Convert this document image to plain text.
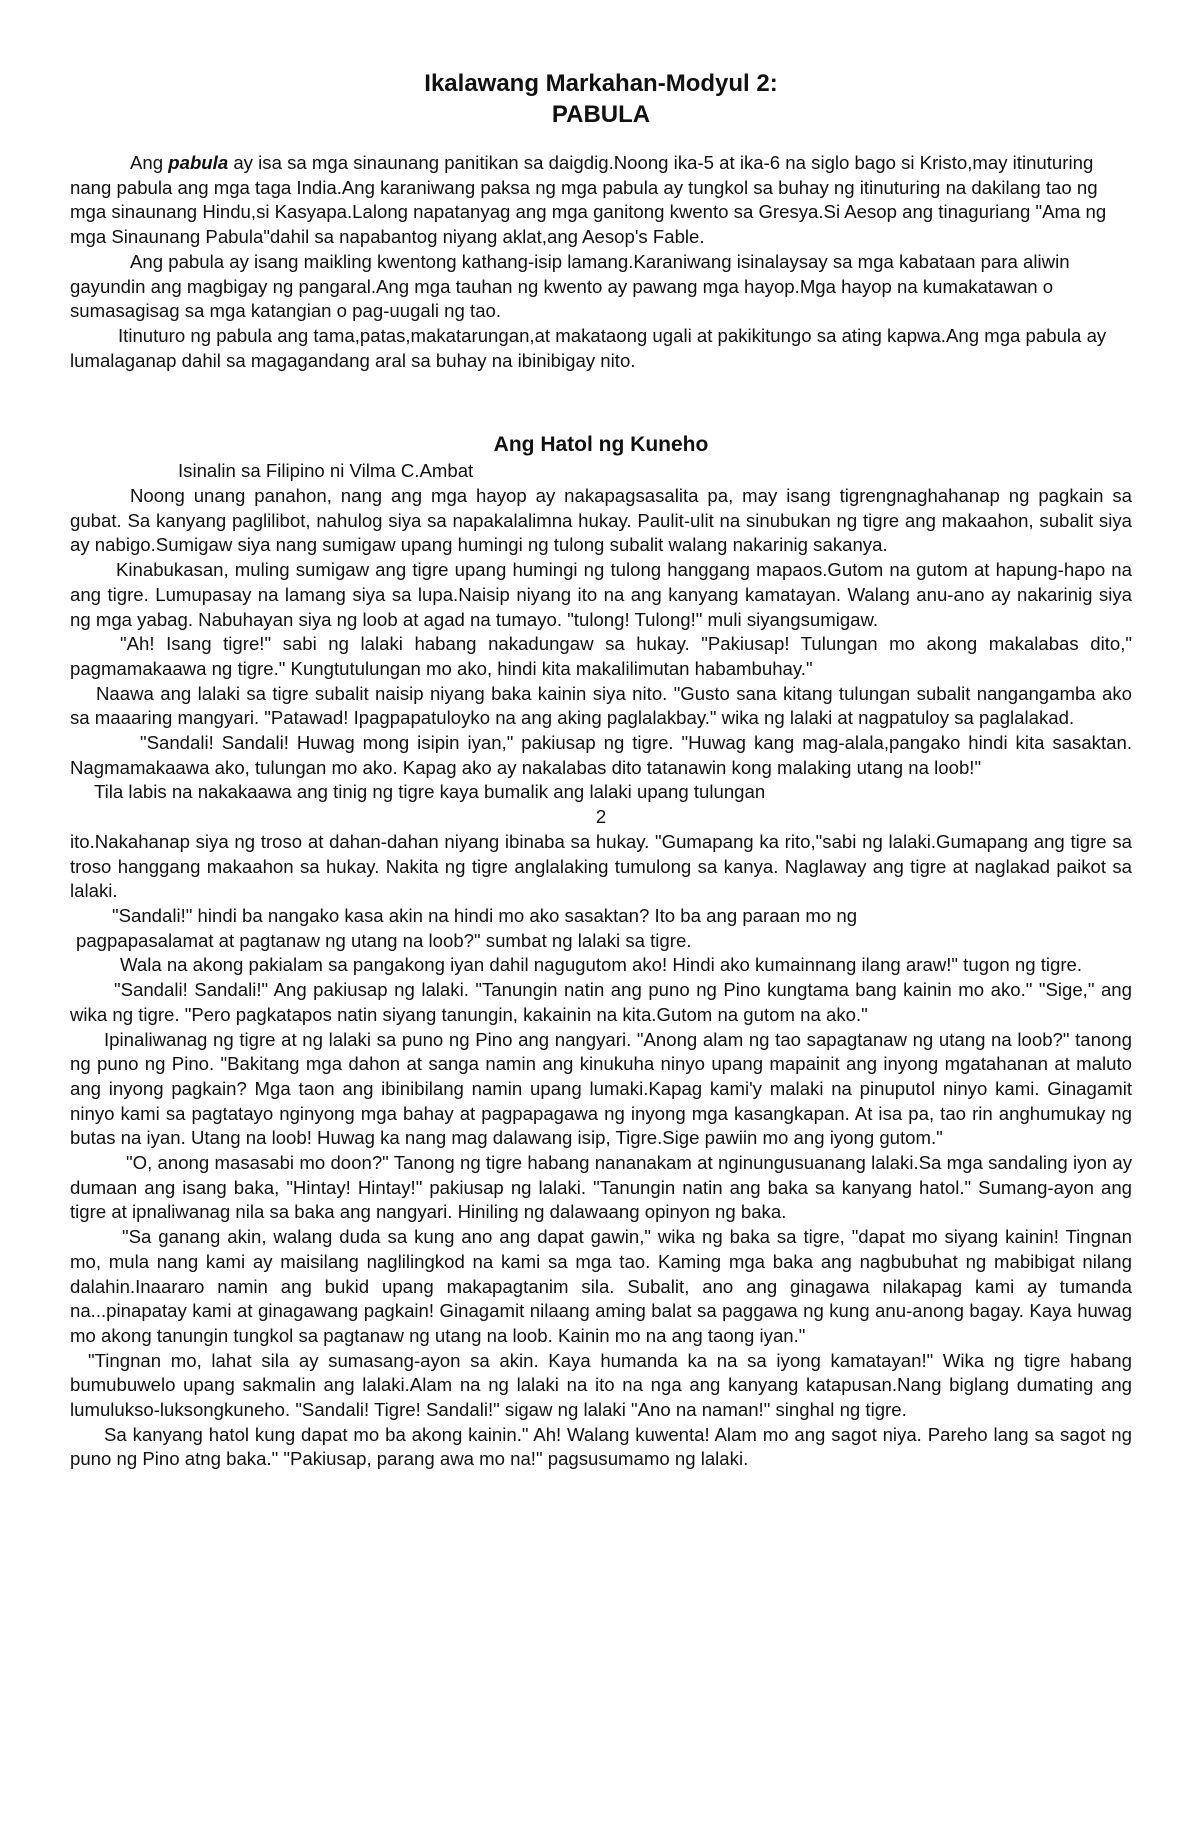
Ikalawang Markahan-Modyul 2:
PABULA

Ang pabula ay isa sa mga sinaunang panitikan sa daigdig.Noong ika-5 at ika-6 na siglo bago si Kristo,may itinuturing nang pabula ang mga taga India.Ang karaniwang paksa ng mga pabula ay tungkol sa buhay ng itinuturing na dakilang tao ng mga sinaunang Hindu,si Kasyapa.Lalong napatanyag ang mga ganitong kwento sa Gresya.Si Aesop ang tinaguriang "Ama ng mga Sinaunang Pabula"dahil sa napabantog niyang aklat,ang Aesop's Fable.

Ang pabula ay isang maikling kwentong kathang-isip lamang.Karaniwang isinalaysay sa mga kabataan para aliwin gayundin ang magbigay ng pangaral.Ang mga tauhan ng kwento ay pawang mga hayop.Mga hayop na kumakatawan o sumasagisag sa mga katangian o pag-uugali ng tao.

Itinuturo ng pabula ang tama,patas,makatarungan,at makataong ugali at pakikitungo sa ating kapwa.Ang mga pabula ay lumalaganap dahil sa magagandang aral sa buhay na ibinibigay nito.

Ang Hatol ng Kuneho

Isinalin sa Filipino ni Vilma C.Ambat

Noong unang panahon, nang ang mga hayop ay nakapagsasalita pa, may isang tigrengnaghahanap ng pagkain sa gubat. Sa kanyang paglilibot, nahulog siya sa napakalalimna hukay. Paulit-ulit na sinubukan ng tigre ang makaahon, subalit siya ay nabigo.Sumigaw siya nang sumigaw upang humingi ng tulong subalit walang nakarinig sakanya.

Kinabukasan, muling sumigaw ang tigre upang humingi ng tulong hanggang mapaos.Gutom na gutom at hapung-hapo na ang tigre. Lumupasay na lamang siya sa lupa.Naisip niyang ito na ang kanyang kamatayan. Walang anu-ano ay nakarinig siya ng mga yabag. Nabuhayan siya ng loob at agad na tumayo. "tulong! Tulong!" muli siyangsumigaw.

"Ah! Isang tigre!" sabi ng lalaki habang nakadungaw sa hukay. "Pakiusap! Tulungan mo akong makalabas dito," pagmamakaawa ng tigre." Kungtutulungan mo ako, hindi kita makalilimutan habambuhay."

Naawa ang lalaki sa tigre subalit naisip niyang baka kainin siya nito. "Gusto sana kitang tulungan subalit nangangamba ako sa maaaring mangyari. "Patawad! Ipagpapatuloyko na ang aking paglalakbay." wika ng lalaki at nagpatuloy sa paglalakad.

"Sandali! Sandali! Huwag mong isipin iyan," pakiusap ng tigre. "Huwag kang mag-alala,pangako hindi kita sasaktan. Nagmamakaawa ako, tulungan mo ako. Kapag ako ay nakalabas dito tatanawin kong malaking utang na loob!"

Tila labis na nakakaawa ang tinig ng tigre kaya bumalik ang lalaki upang tulungan

2

ito.Nakahanap siya ng troso at dahan-dahan niyang ibinaba sa hukay. "Gumapang ka rito,"sabi ng lalaki.Gumapang ang tigre sa troso hanggang makaahon sa hukay. Nakita ng tigre anglalaking tumulong sa kanya. Naglaway ang tigre at naglakad paikot sa lalaki.

"Sandali!" hindi ba nangako kasa akin na hindi mo ako sasaktan? Ito ba ang paraan mo ng

pagpapasalamat at pagtanaw ng utang na loob?" sumbat ng lalaki sa tigre.

Wala na akong pakialam sa pangakong iyan dahil nagugutom ako! Hindi ako kumainnang ilang araw!" tugon ng tigre.

"Sandali! Sandali!" Ang pakiusap ng lalaki. "Tanungin natin ang puno ng Pino kungtama bang kainin mo ako." "Sige," ang wika ng tigre. "Pero pagkatapos natin siyang tanungin, kakainin na kita.Gutom na gutom na ako."

Ipinaliwanag ng tigre at ng lalaki sa puno ng Pino ang nangyari. "Anong alam ng tao sapagtanaw ng utang na loob?" tanong ng puno ng Pino. "Bakitang mga dahon at sanga namin ang kinukuha ninyo upang mapainit ang inyong mgatahanan at maluto ang inyong pagkain? Mga taon ang ibinibilang namin upang lumaki.Kapag kami'y malaki na pinuputol ninyo kami. Ginagamit ninyo kami sa pagtatayo nginyong mga bahay at pagpapagawa ng inyong mga kasangkapan. At isa pa, tao rin anghumukay ng butas na iyan. Utang na loob! Huwag ka nang mag dalawang isip, Tigre.Sige pawiin mo ang iyong gutom."

"O, anong masasabi mo doon?" Tanong ng tigre habang nananakam at nginungusuanang lalaki.Sa mga sandaling iyon ay dumaan ang isang baka, "Hintay! Hintay!" pakiusap ng lalaki. "Tanungin natin ang baka sa kanyang hatol." Sumang-ayon ang tigre at ipnaliwanag nila sa baka ang nangyari. Hiniling ng dalawaang opinyon ng baka.

"Sa ganang akin, walang duda sa kung ano ang dapat gawin," wika ng baka sa tigre, "dapat mo siyang kainin! Tingnan mo, mula nang kami ay maisilang naglilingkod na kami sa mga tao. Kaming mga baka ang nagbubuhat ng mabibigat nilang dalahin.Inaararo namin ang bukid upang makapagtanim sila. Subalit, ano ang ginagawa nilakapag kami ay tumanda na...pinapatay kami at ginagawang pagkain! Ginagamit nilaang aming balat sa paggawa ng kung anu-anong bagay. Kaya huwag mo akong tanungin tungkol sa pagtanaw ng utang na loob. Kainin mo na ang taong iyan."

"Tingnan mo, lahat sila ay sumasang-ayon sa akin. Kaya humanda ka na sa iyong kamatayan!" Wika ng tigre habang bumubuwelo upang sakmalin ang lalaki.Alam na ng lalaki na ito na nga ang kanyang katapusan.Nang biglang dumating ang lumulukso-luksongkuneho. "Sandali! Tigre! Sandali!" sigaw ng lalaki "Ano na naman!" singhal ng tigre.

Sa kanyang hatol kung dapat mo ba akong kainin." Ah! Walang kuwenta! Alam mo ang sagot niya. Pareho lang sa sagot ng puno ng Pino atng baka." "Pakiusap, parang awa mo na!" pagsusumamo ng lalaki.
